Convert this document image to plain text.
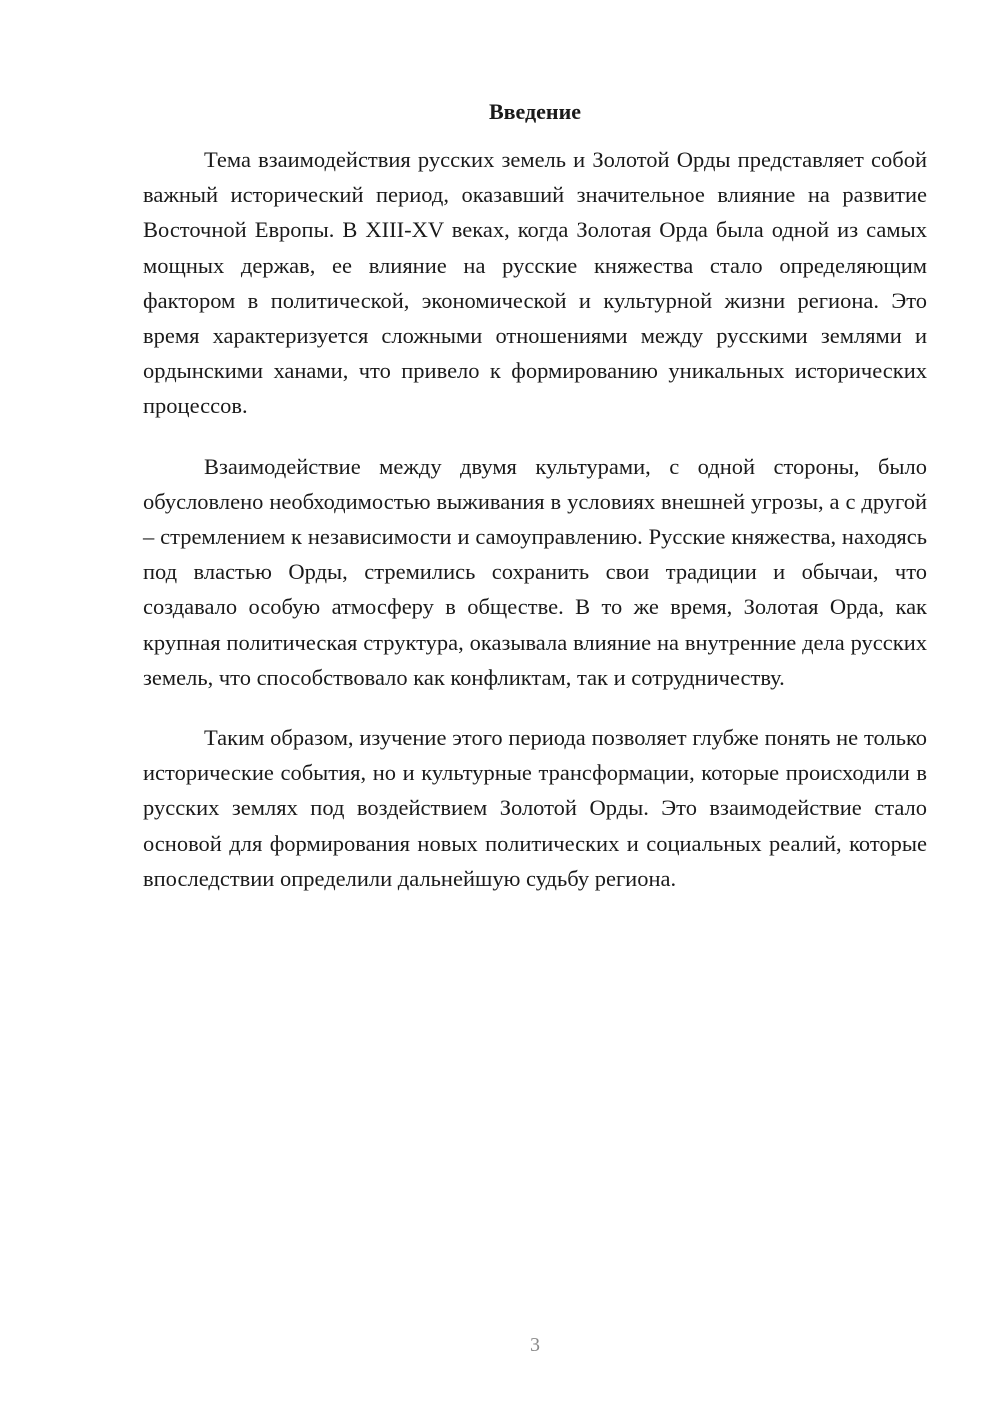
Введение

Тема взаимодействия русских земель и Золотой Орды представляет собой важный исторический период, оказавший значительное влияние на развитие Восточной Европы. В XIII-XV веках, когда Золотая Орда была одной из самых мощных держав, ее влияние на русские княжества стало определяющим фактором в политической, экономической и культурной жизни региона. Это время характеризуется сложными отношениями между русскими землями и ордынскими ханами, что привело к формированию уникальных исторических процессов.

Взаимодействие между двумя культурами, с одной стороны, было обусловлено необходимостью выживания в условиях внешней угрозы, а с другой – стремлением к независимости и самоуправлению. Русские княжества, находясь под властью Орды, стремились сохранить свои традиции и обычаи, что создавало особую атмосферу в обществе. В то же время, Золотая Орда, как крупная политическая структура, оказывала влияние на внутренние дела русских земель, что способствовало как конфликтам, так и сотрудничеству.

Таким образом, изучение этого периода позволяет глубже понять не только исторические события, но и культурные трансформации, которые происходили в русских землях под воздействием Золотой Орды. Это взаимодействие стало основой для формирования новых политических и социальных реалий, которые впоследствии определили дальнейшую судьбу региона.

3
